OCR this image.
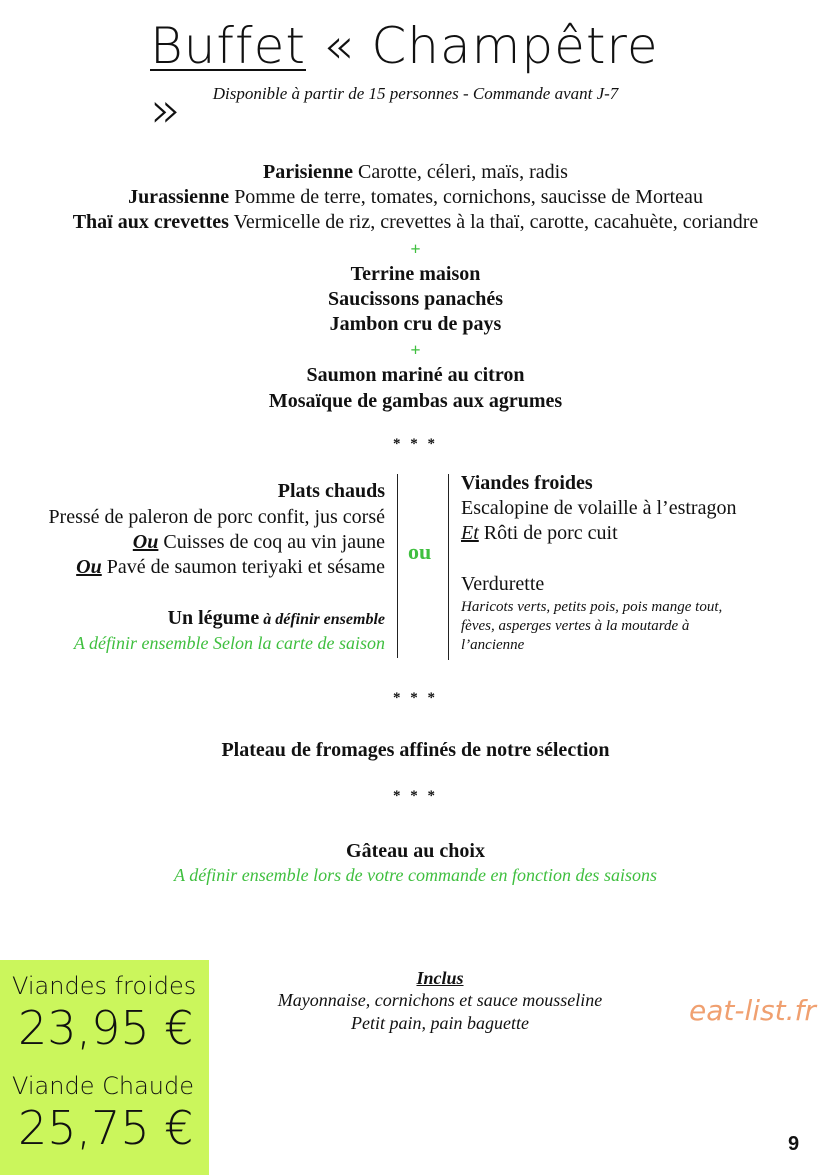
Buffet « Champêtre »	Disponible à partir de 15 personnes - Commande avant J-7
Parisienne Carotte, céleri, maïs, radis
Jurassienne Pomme de terre, tomates, cornichons, saucisse de Morteau
Thaï aux crevettes Vermicelle de riz, crevettes à la thaï, carotte, cacahuète, coriandre
+
Terrine maison
Saucissons panachés
Jambon cru de pays
+
Saumon mariné au citron
Mosaïque de gambas aux agrumes
* * *
ou
Plats chauds
Pressé de paleron de porc confit, jus corsé
Ou Cuisses de coq au vin jaune
Ou Pavé de saumon teriyaki et sésame
Un légume à définir ensemble
A définir ensemble Selon la carte de saison
Viandes froides
Escalopine de volaille à l’estragon
Et Rôti de porc cuit
Verdurette
Haricots verts, petits pois, pois mange tout,
fèves, asperges vertes à la moutarde à
l’ancienne
* * *
Plateau de fromages affinés de notre sélection
* * *
Gâteau au choix
A définir ensemble lors de votre commande en fonction des saisons
Viandes froides
23,95 €
Viande Chaude
25,75 €
Inclus
Mayonnaise, cornichons et sauce mousseline
Petit pain, pain baguette	eat-list.fr
9
